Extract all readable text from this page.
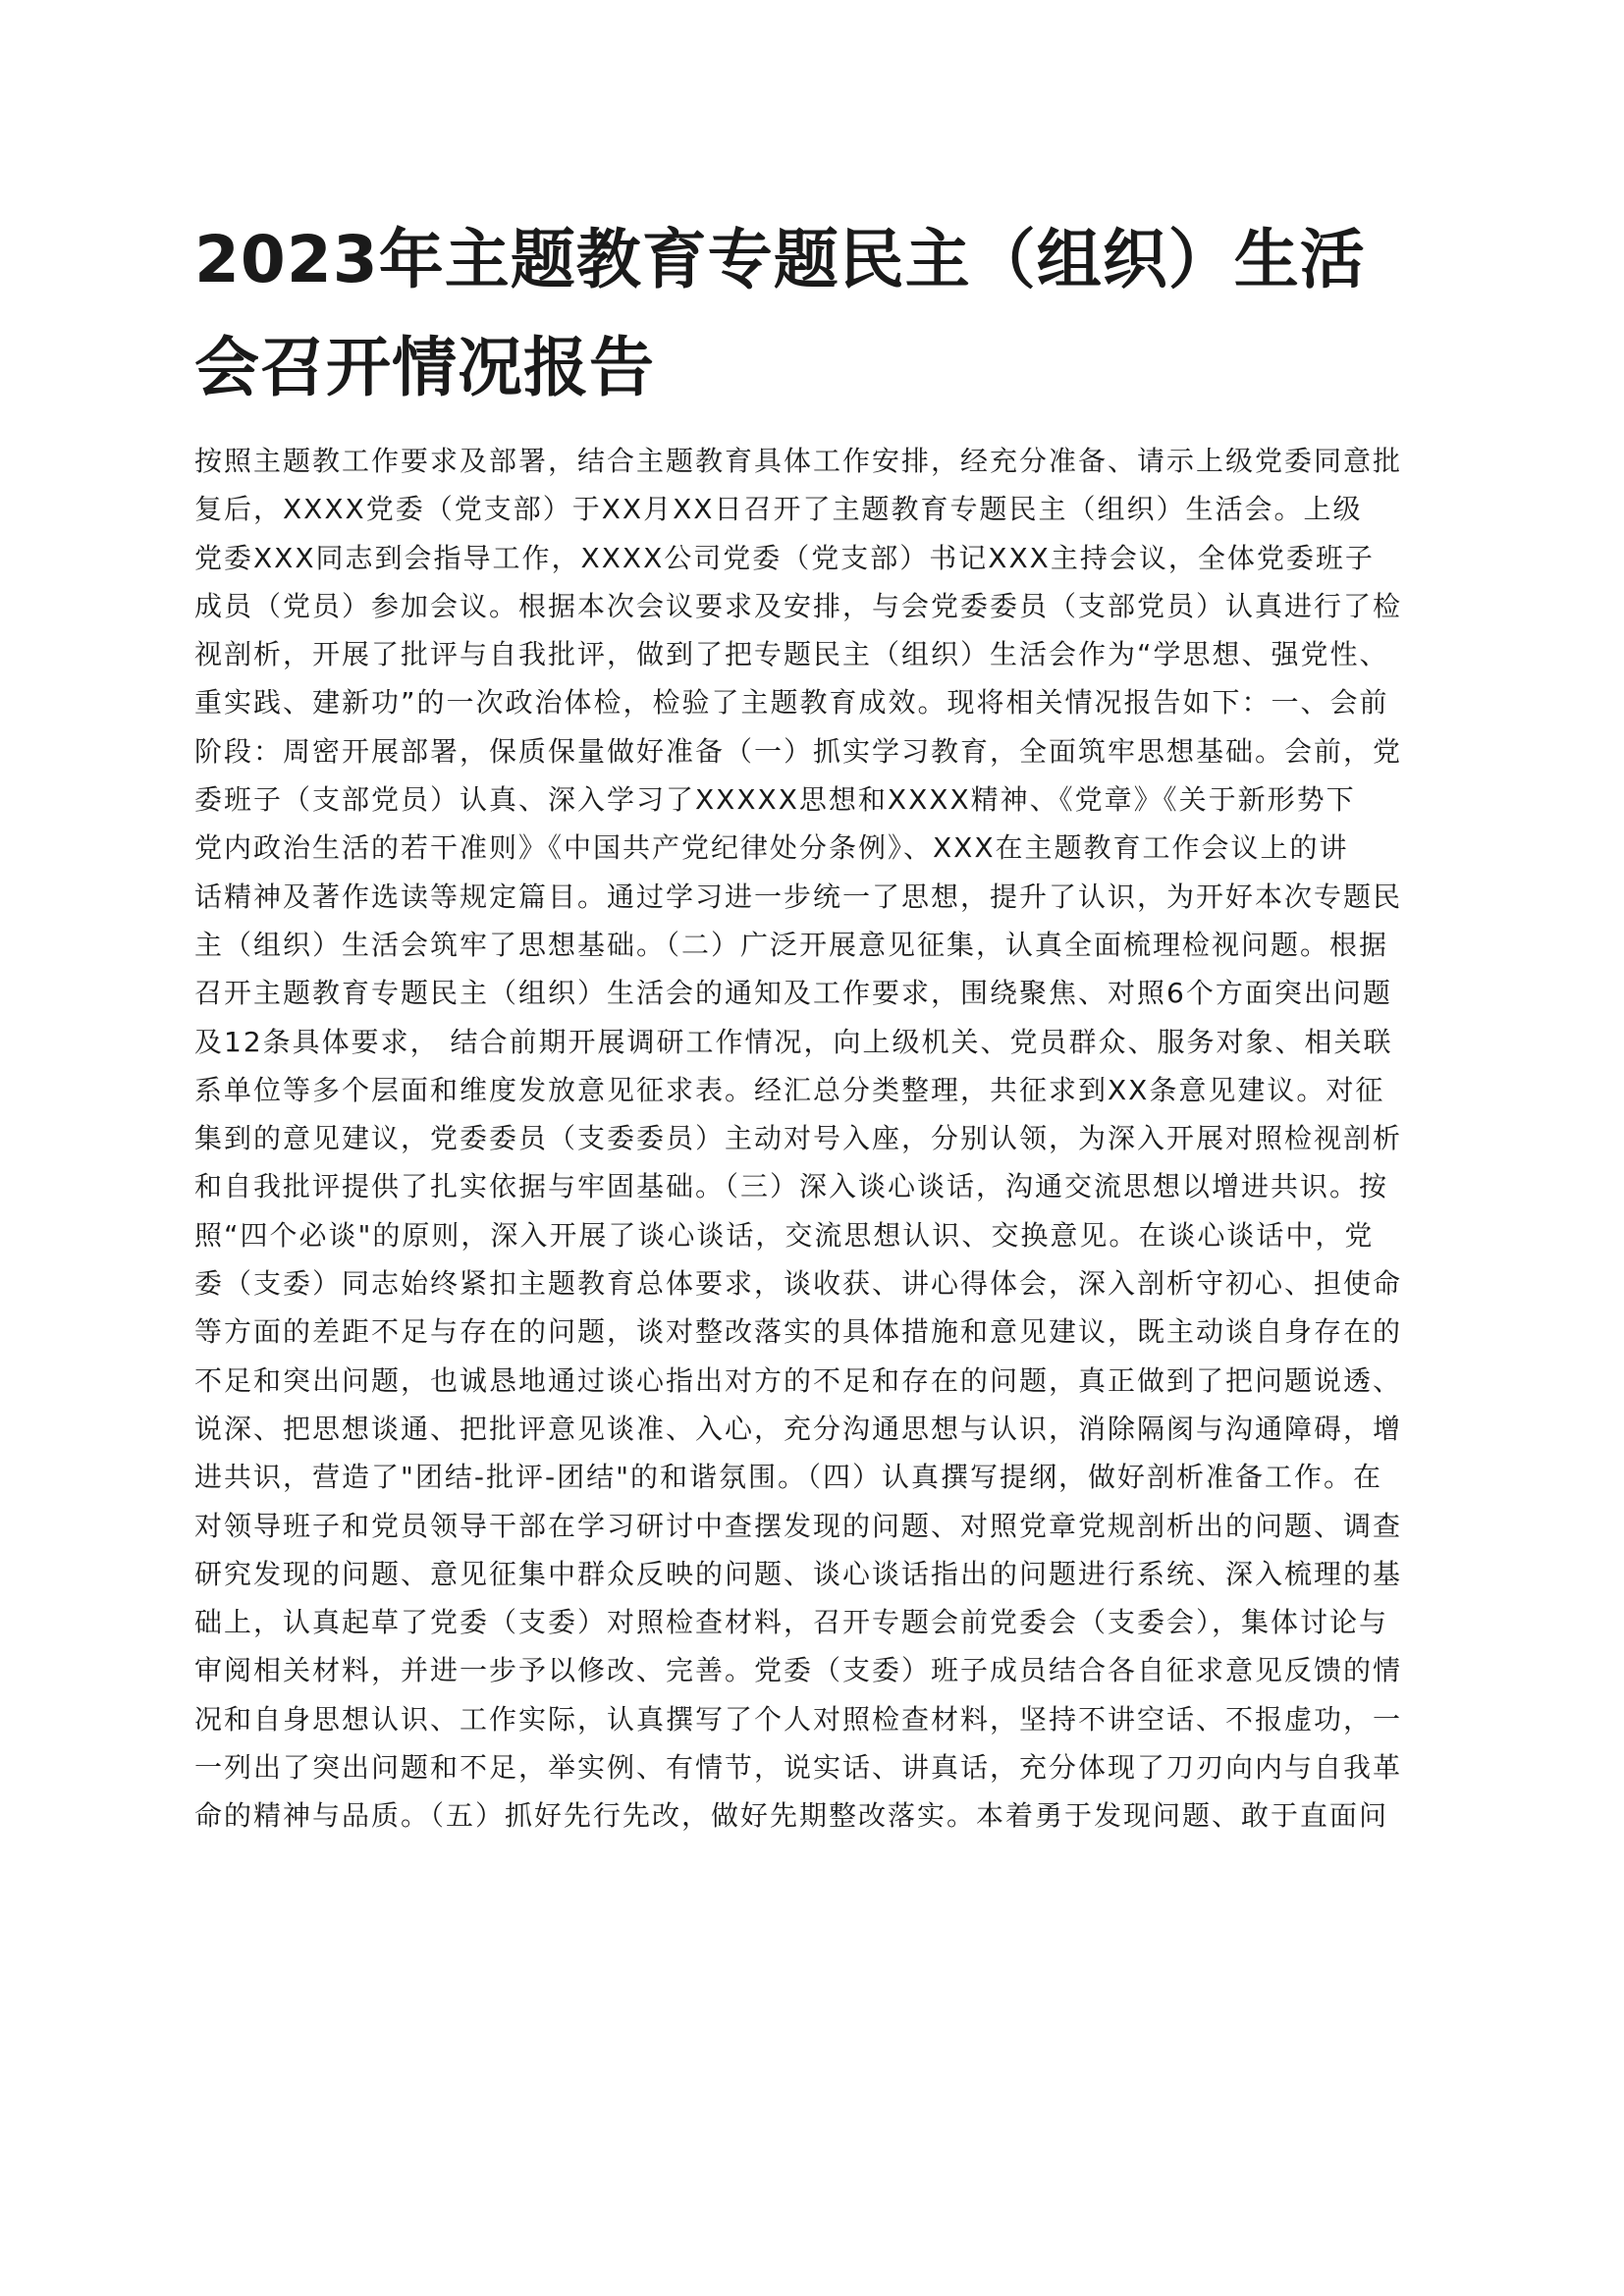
2023年主题教育专题民主（组织）生活
会召开情况报告
按照主题教工作要求及部署，结合主题教育具体工作安排，经充分准备、请示上级党委同意批
复后，XXXX党委（党支部）于XX月XX日召开了主题教育专题民主（组织）生活会。上级
党委XXX同志到会指导工作，XXXX公司党委（党支部）书记XXX主持会议，全体党委班子
成员（党员）参加会议。根据本次会议要求及安排，与会党委委员（支部党员）认真进行了检
视剖析，开展了批评与自我批评，做到了把专题民主（组织）生活会作为“学思想、强党性、
重实践、建新功”的一次政治体检，检验了主题教育成效。现将相关情况报告如下：一、会前
阶段：周密开展部署，保质保量做好准备（一）抓实学习教育，全面筑牢思想基础。会前，党
委班子（支部党员）认真、深入学习了XXXXX思想和XXXX精神、《党章》《关于新形势下
党内政治生活的若干准则》《中国共产党纪律处分条例》、XXX在主题教育工作会议上的讲
话精神及著作选读等规定篇目。通过学习进一步统一了思想，提升了认识，为开好本次专题民
主（组织）生活会筑牢了思想基础。（二）广泛开展意见征集，认真全面梳理检视问题。根据
召开主题教育专题民主（组织）生活会的通知及工作要求，围绕聚焦、对照6个方面突出问题
及12条具体要求， 结合前期开展调研工作情况，向上级机关、党员群众、服务对象、相关联
系单位等多个层面和维度发放意见征求表。经汇总分类整理，共征求到XX条意见建议。对征
集到的意见建议，党委委员（支委委员）主动对号入座，分别认领，为深入开展对照检视剖析
和自我批评提供了扎实依据与牢固基础。（三）深入谈心谈话，沟通交流思想以增进共识。按
照“四个必谈"的原则，深入开展了谈心谈话，交流思想认识、交换意见。在谈心谈话中，党
委（支委）同志始终紧扣主题教育总体要求，谈收获、讲心得体会，深入剖析守初心、担使命
等方面的差距不足与存在的问题，谈对整改落实的具体措施和意见建议，既主动谈自身存在的
不足和突出问题，也诚恳地通过谈心指出对方的不足和存在的问题，真正做到了把问题说透、
说深、把思想谈通、把批评意见谈准、入心，充分沟通思想与认识，消除隔阂与沟通障碍，增
进共识，营造了"团结-批评-团结"的和谐氛围。（四）认真撰写提纲，做好剖析准备工作。在
对领导班子和党员领导干部在学习研讨中查摆发现的问题、对照党章党规剖析出的问题、调查
研究发现的问题、意见征集中群众反映的问题、谈心谈话指出的问题进行系统、深入梳理的基
础上，认真起草了党委（支委）对照检查材料，召开专题会前党委会（支委会），集体讨论与
审阅相关材料，并进一步予以修改、完善。党委（支委）班子成员结合各自征求意见反馈的情
况和自身思想认识、工作实际，认真撰写了个人对照检查材料，坚持不讲空话、不报虚功，一
一列出了突出问题和不足，举实例、有情节，说实话、讲真话，充分体现了刀刃向内与自我革
命的精神与品质。（五）抓好先行先改，做好先期整改落实。本着勇于发现问题、敢于直面问
